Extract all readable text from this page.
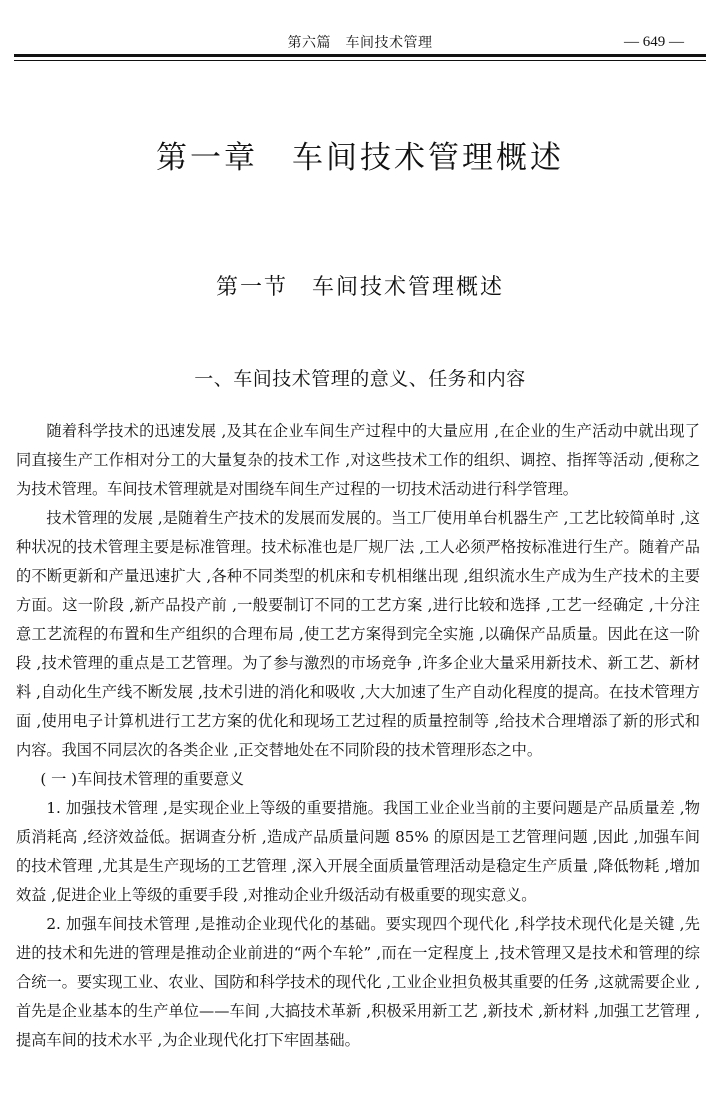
第六篇　车间技术管理	— 649 —
第一章　车间技术管理概述
第一节　车间技术管理概述
一、车间技术管理的意义、任务和内容

随着科学技术的迅速发展 ,及其在企业车间生产过程中的大量应用 ,在企业的生产活动中就出现了同直接生产工作相对分工的大量复杂的技术工作 ,对这些技术工作的组织、调控、指挥等活动 ,便称之为技术管理。车间技术管理就是对围绕车间生产过程的一切技术活动进行科学管理。

技术管理的发展 ,是随着生产技术的发展而发展的。当工厂使用单台机器生产 ,工艺比较简单时 ,这种状况的技术管理主要是标准管理。技术标准也是厂规厂法 ,工人必须严格按标准进行生产。随着产品的不断更新和产量迅速扩大 ,各种不同类型的机床和专机相继出现 ,组织流水生产成为生产技术的主要方面。这一阶段 ,新产品投产前 ,一般要制订不同的工艺方案 ,进行比较和选择 ,工艺一经确定 ,十分注意工艺流程的布置和生产组织的合理布局 ,使工艺方案得到完全实施 ,以确保产品质量。因此在这一阶段 ,技术管理的重点是工艺管理。为了参与激烈的市场竞争 ,许多企业大量采用新技术、新工艺、新材料 ,自动化生产线不断发展 ,技术引进的消化和吸收 ,大大加速了生产自动化程度的提高。在技术管理方面 ,使用电子计算机进行工艺方案的优化和现场工艺过程的质量控制等 ,给技术合理增添了新的形式和内容。我国不同层次的各类企业 ,正交替地处在不同阶段的技术管理形态之中。

( 一 )车间技术管理的重要意义

1. 加强技术管理 ,是实现企业上等级的重要措施。我国工业企业当前的主要问题是产品质量差 ,物质消耗高 ,经济效益低。据调查分析 ,造成产品质量问题 85% 的原因是工艺管理问题 ,因此 ,加强车间的技术管理 ,尤其是生产现场的工艺管理 ,深入开展全面质量管理活动是稳定生产质量 ,降低物耗 ,增加效益 ,促进企业上等级的重要手段 ,对推动企业升级活动有极重要的现实意义。

2. 加强车间技术管理 ,是推动企业现代化的基础。要实现四个现代化 ,科学技术现代化是关键 ,先进的技术和先进的管理是推动企业前进的“两个车轮” ,而在一定程度上 ,技术管理又是技术和管理的综合统一。要实现工业、农业、国防和科学技术的现代化 ,工业企业担负极其重要的任务 ,这就需要企业 ,首先是企业基本的生产单位——车间 ,大搞技术革新 ,积极采用新工艺 ,新技术 ,新材料 ,加强工艺管理 ,提高车间的技术水平 ,为企业现代化打下牢固基础。
